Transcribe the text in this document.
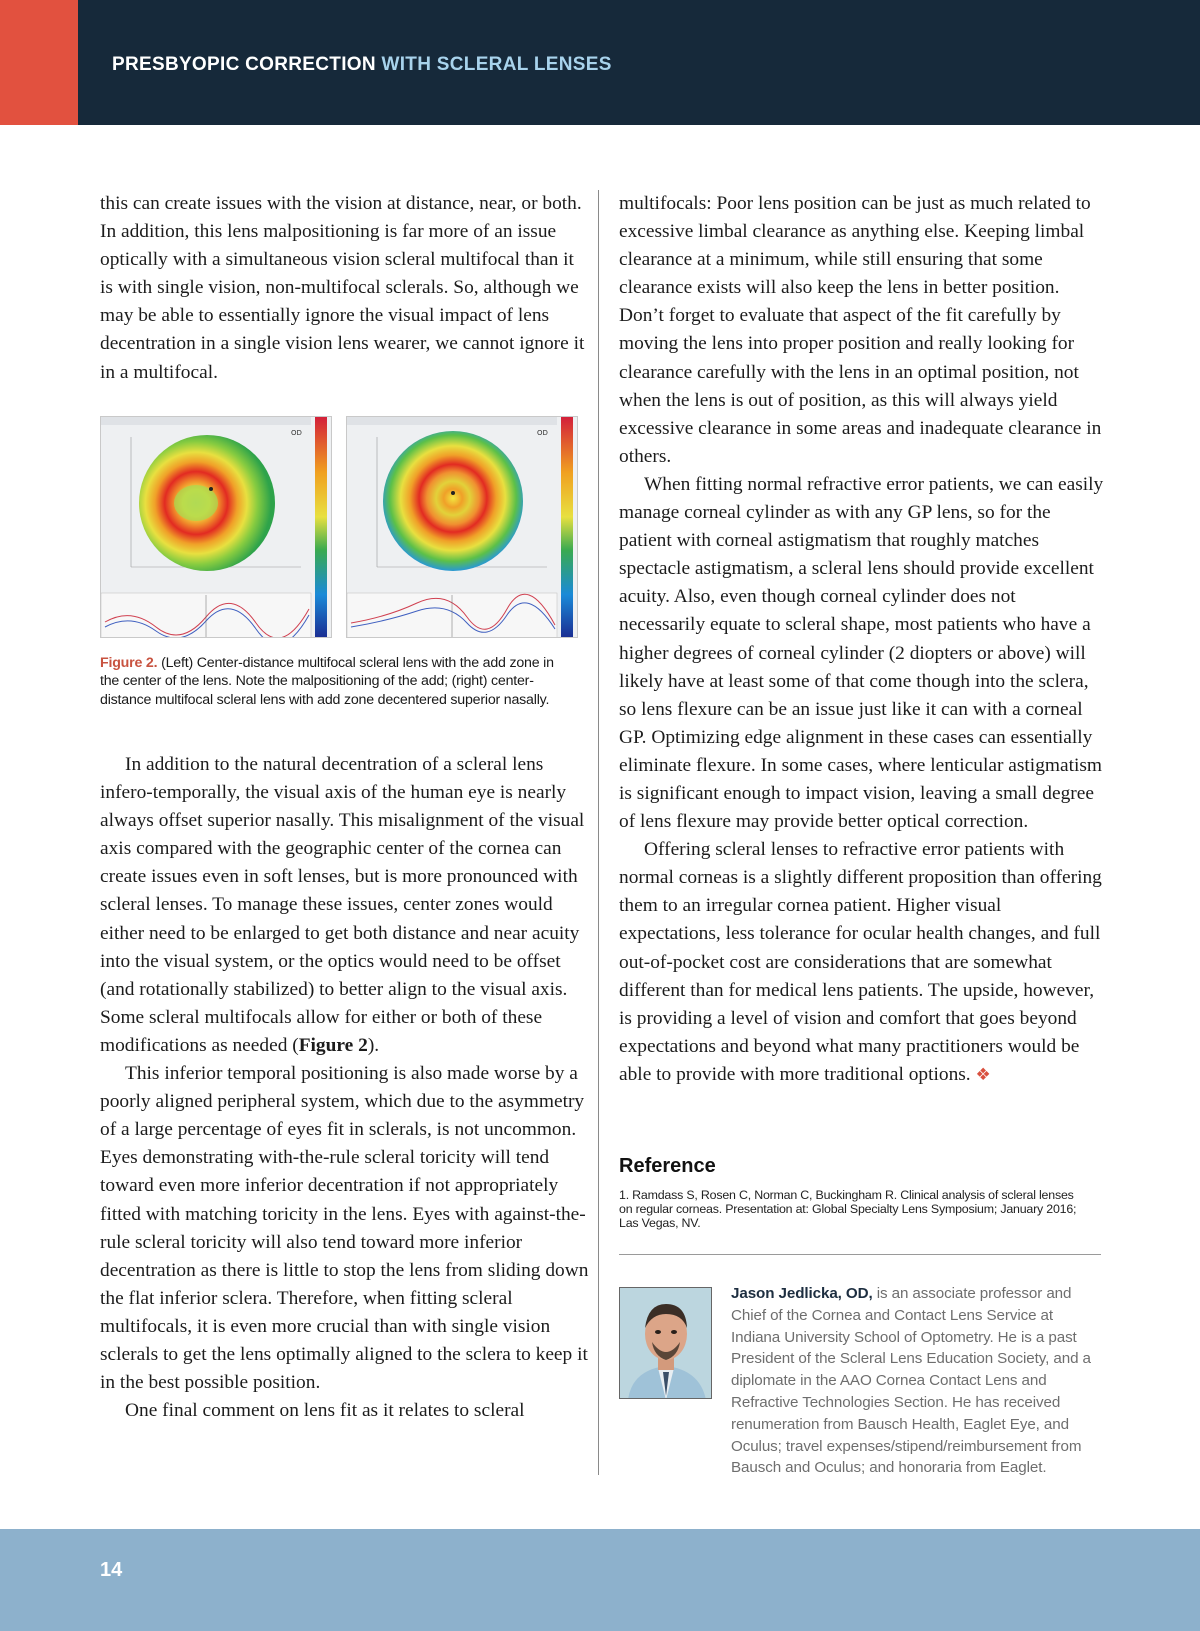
PRESBYOPIC CORRECTION WITH SCLERAL LENSES

this can create issues with the vision at distance, near, or both. In addition, this lens malpositioning is far more of an issue optically with a simultaneous vision scleral multifocal than it is with single vision, non-multifocal sclerals. So, although we may be able to essentially ignore the visual impact of lens decentration in a single vision lens wearer, we cannot ignore it in a multifocal.

OD	OD
Figure 2. (Left) Center-distance multifocal scleral lens with the add zone in the center of the lens. Note the malpositioning of the add; (right) center-distance multifocal scleral lens with add zone decentered superior nasally.

In addition to the natural decentration of a scleral lens infero-temporally, the visual axis of the human eye is nearly always offset superior nasally. This misalignment of the visual axis compared with the geographic center of the cornea can create issues even in soft lenses, but is more pronounced with scleral lenses. To manage these issues, center zones would either need to be enlarged to get both distance and near acuity into the visual system, or the optics would need to be offset (and rotationally stabilized) to better align to the visual axis. Some scleral multifocals allow for either or both of these modifications as needed (Figure 2).

This inferior temporal positioning is also made worse by a poorly aligned peripheral system, which due to the asymmetry of a large percentage of eyes fit in sclerals, is not uncommon. Eyes demonstrating with-the-rule scleral toricity will tend toward even more inferior decentration if not appropriately fitted with matching toricity in the lens. Eyes with against-the-rule scleral toricity will also tend toward more inferior decentration as there is little to stop the lens from sliding down the flat inferior sclera. Therefore, when fitting scleral multifocals, it is even more crucial than with single vision sclerals to get the lens optimally aligned to the sclera to keep it in the best possible position.

One final comment on lens fit as it relates to scleral

multifocals: Poor lens position can be just as much related to excessive limbal clearance as anything else. Keeping limbal clearance at a minimum, while still ensuring that some clearance exists will also keep the lens in better position. Don’t forget to evaluate that aspect of the fit carefully by moving the lens into proper position and really looking for clearance carefully with the lens in an optimal position, not when the lens is out of position, as this will always yield excessive clearance in some areas and inadequate clearance in others.

When fitting normal refractive error patients, we can easily manage corneal cylinder as with any GP lens, so for the patient with corneal astigmatism that roughly matches spectacle astigmatism, a scleral lens should provide excellent acuity. Also, even though corneal cylinder does not necessarily equate to scleral shape, most patients who have a higher degrees of corneal cylinder (2 diopters or above) will likely have at least some of that come though into the sclera, so lens flexure can be an issue just like it can with a corneal GP. Optimizing edge alignment in these cases can essentially eliminate flexure. In some cases, where lenticular astigmatism is significant enough to impact vision, leaving a small degree of lens flexure may provide better optical correction.

Offering scleral lenses to refractive error patients with normal corneas is a slightly different proposition than offering them to an irregular cornea patient. Higher visual expectations, less tolerance for ocular health changes, and full out-of-pocket cost are considerations that are somewhat different than for medical lens patients. The upside, however, is providing a level of vision and comfort that goes beyond expectations and beyond what many practitioners would be able to provide with more traditional options. ❖

Reference
1. Ramdass S, Rosen C, Norman C, Buckingham R. Clinical analysis of scleral lenses on regular corneas. Presentation at: Global Specialty Lens Symposium; January 2016; Las Vegas, NV.
Jason Jedlicka, OD, is an associate professor and Chief of the Cornea and Contact Lens Service at Indiana University School of Optometry. He is a past President of the Scleral Lens Education Society, and a diplomate in the AAO Cornea Contact Lens and Refractive Technologies Section. He has received renumeration from Bausch Health, Eaglet Eye, and Oculus; travel expenses/stipend/reimbursement from Bausch and Oculus; and honoraria from Eaglet.
14
